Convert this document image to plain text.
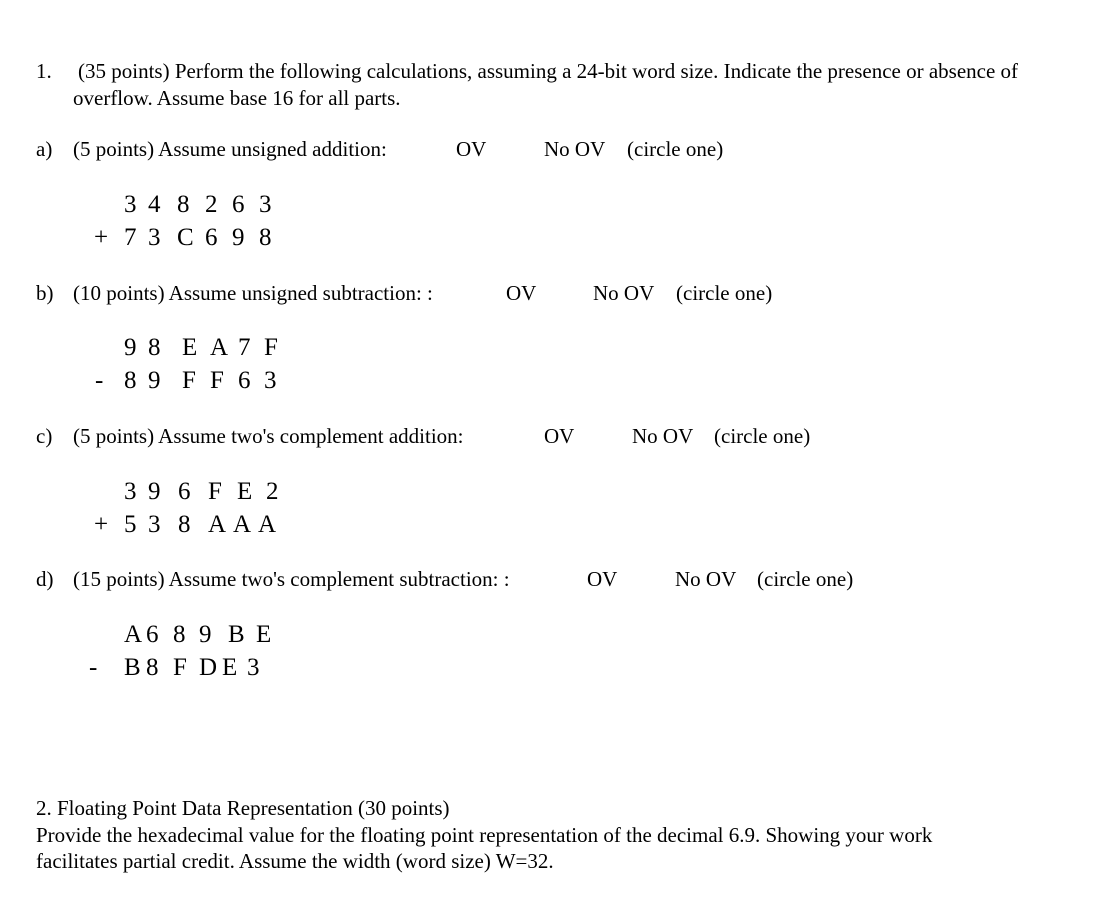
1. (35 points) Perform the following calculations, assuming a 24-bit word size. Indicate the presence or absence of
overflow. Assume base 16 for all parts.
a) (5 points) Assume unsigned addition:	OV	No OV (circle one)
3 4 8 2 6 3
+ 7 3 C 6 9 8
b) (10 points) Assume unsigned subtraction: :	OV	No OV (circle one)
9 8 E A 7 F
- 8 9 F F 6 3
c) (5 points) Assume two's complement addition:	OV	No OV (circle one)
3 9 6 F E 2
+ 5 3 8 A A A
d) (15 points) Assume two's complement subtraction: :	OV	No OV (circle one)
A 6 8 9 B E
- B 8 F D E 3
2. Floating Point Data Representation (30 points)
Provide the hexadecimal value for the floating point representation of the decimal 6.9. Showing your work
facilitates partial credit. Assume the width (word size) W=32.
